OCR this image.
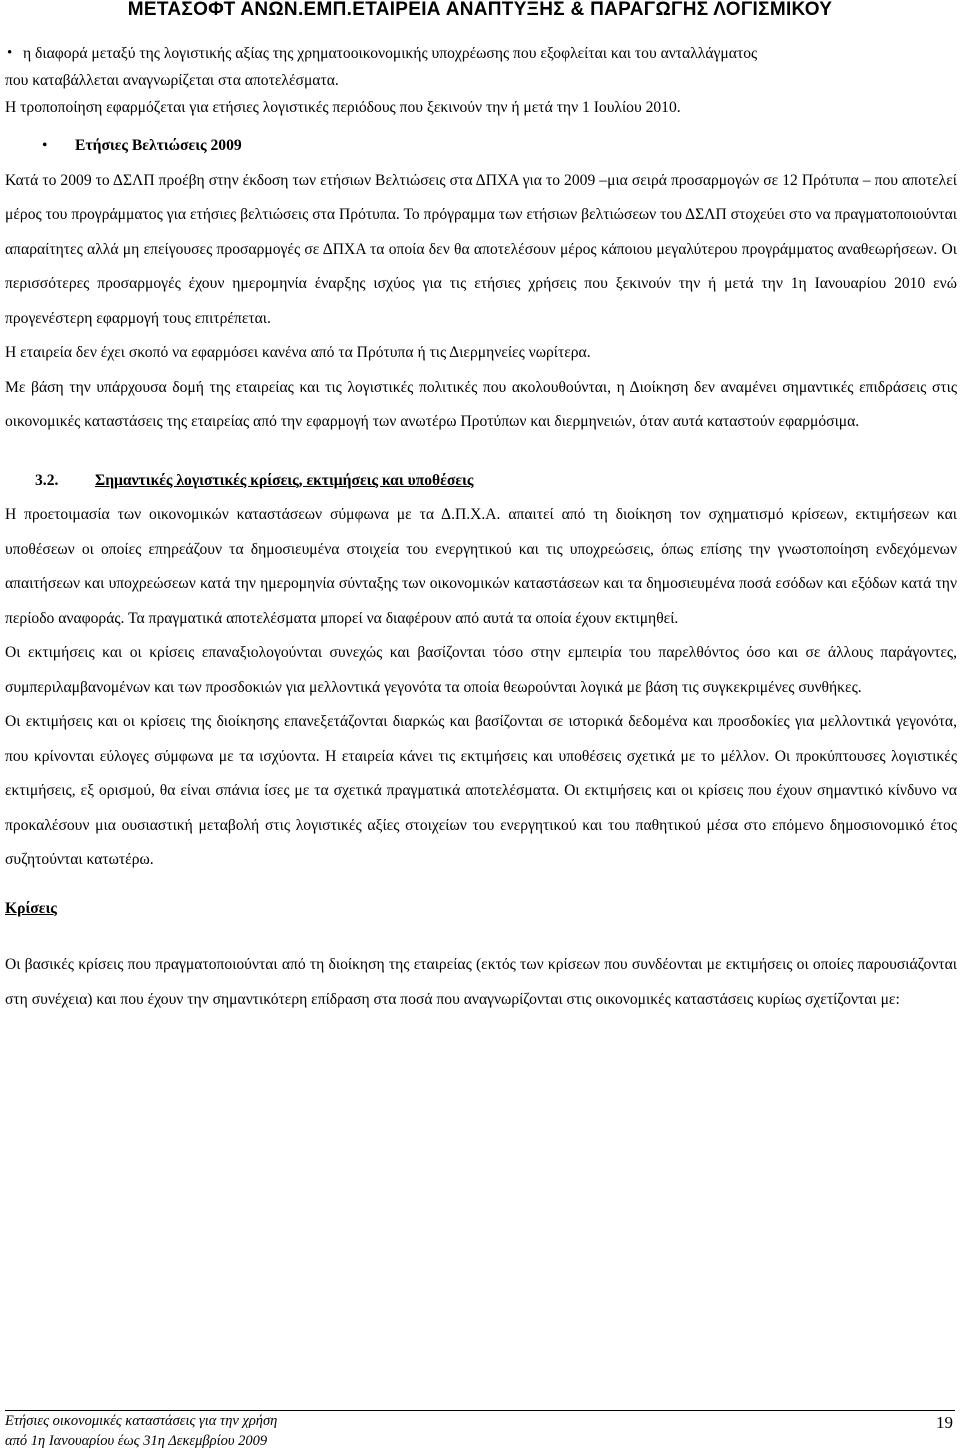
ΜΕΤΑΣΟΦΤ ΑΝΩΝ.ΕΜΠ.ΕΤΑΙΡΕΙΑ ΑΝΑΠΤΥΞΗΣ & ΠΑΡΑΓΩΓΗΣ ΛΟΓΙΣΜΙΚΟΥ

• η διαφορά μεταξύ της λογιστικής αξίας της χρηματοοικονομικής υποχρέωσης που εξοφλείται και του ανταλλάγματος

που καταβάλλεται αναγνωρίζεται στα αποτελέσματα.

Η τροποποίηση εφαρμόζεται για ετήσιες λογιστικές περιόδους που ξεκινούν την ή μετά την 1 Ιουλίου 2010.

• Ετήσιες Βελτιώσεις 2009

Κατά το 2009 το ΔΣΛΠ προέβη στην έκδοση των ετήσιων Βελτιώσεις στα ΔΠΧΑ για το 2009 –μια σειρά προσαρμογών σε 12 Πρότυπα – που αποτελεί μέρος του προγράμματος για ετήσιες βελτιώσεις στα Πρότυπα. Το πρόγραμμα των ετήσιων βελτιώσεων του ΔΣΛΠ στοχεύει στο να πραγματοποιούνται απαραίτητες αλλά μη επείγουσες προσαρμογές σε ΔΠΧΑ τα οποία δεν θα αποτελέσουν μέρος κάποιου μεγαλύτερου προγράμματος αναθεωρήσεων. Οι περισσότερες προσαρμογές έχουν ημερομηνία έναρξης ισχύος για τις ετήσιες χρήσεις που ξεκινούν την ή μετά την 1η Ιανουαρίου 2010 ενώ προγενέστερη εφαρμογή τους επιτρέπεται.

Η εταιρεία δεν έχει σκοπό να εφαρμόσει κανένα από τα Πρότυπα ή τις Διερμηνείες νωρίτερα.

Με βάση την υπάρχουσα δομή της εταιρείας και τις λογιστικές πολιτικές που ακολουθούνται, η Διοίκηση δεν αναμένει σημαντικές επιδράσεις στις οικονομικές καταστάσεις της εταιρείας από την εφαρμογή των ανωτέρω Προτύπων και διερμηνειών, όταν αυτά καταστούν εφαρμόσιμα.

3.2. Σημαντικές λογιστικές κρίσεις, εκτιμήσεις και υποθέσεις

Η προετοιμασία των οικονομικών καταστάσεων σύμφωνα με τα Δ.Π.Χ.Α. απαιτεί από τη διοίκηση τον σχηματισμό κρίσεων, εκτιμήσεων και υποθέσεων οι οποίες επηρεάζουν τα δημοσιευμένα στοιχεία του ενεργητικού και τις υποχρεώσεις, όπως επίσης την γνωστοποίηση ενδεχόμενων απαιτήσεων και υποχρεώσεων κατά την ημερομηνία σύνταξης των οικονομικών καταστάσεων και τα δημοσιευμένα ποσά εσόδων και εξόδων κατά την περίοδο αναφοράς. Τα πραγματικά αποτελέσματα μπορεί να διαφέρουν από αυτά τα οποία έχουν εκτιμηθεί.

Οι εκτιμήσεις και οι κρίσεις επαναξιολογούνται συνεχώς και βασίζονται τόσο στην εμπειρία του παρελθόντος όσο και σε άλλους παράγοντες, συμπεριλαμβανομένων και των προσδοκιών για μελλοντικά γεγονότα τα οποία θεωρούνται λογικά με βάση τις συγκεκριμένες συνθήκες.

Οι εκτιμήσεις και οι κρίσεις της διοίκησης επανεξετάζονται διαρκώς και βασίζονται σε ιστορικά δεδομένα και προσδοκίες για μελλοντικά γεγονότα, που κρίνονται εύλογες σύμφωνα με τα ισχύοντα. Η εταιρεία κάνει τις εκτιμήσεις και υποθέσεις σχετικά με το μέλλον. Οι προκύπτουσες λογιστικές εκτιμήσεις, εξ ορισμού, θα είναι σπάνια ίσες με τα σχετικά πραγματικά αποτελέσματα. Οι εκτιμήσεις και οι κρίσεις που έχουν σημαντικό κίνδυνο να προκαλέσουν μια ουσιαστική μεταβολή στις λογιστικές αξίες στοιχείων του ενεργητικού και του παθητικού μέσα στο επόμενο δημοσιονομικό έτος συζητούνται κατωτέρω.

Κρίσεις

Οι βασικές κρίσεις που πραγματοποιούνται από τη διοίκηση της εταιρείας (εκτός των κρίσεων που συνδέονται με εκτιμήσεις οι οποίες παρουσιάζονται στη συνέχεια) και που έχουν την σημαντικότερη επίδραση στα ποσά που αναγνωρίζονται στις οικονομικές καταστάσεις κυρίως σχετίζονται με:

Ετήσιες οικονομικές καταστάσεις για την χρήση
από 1η Ιανουαρίου έως 31η Δεκεμβρίου 2009
19
